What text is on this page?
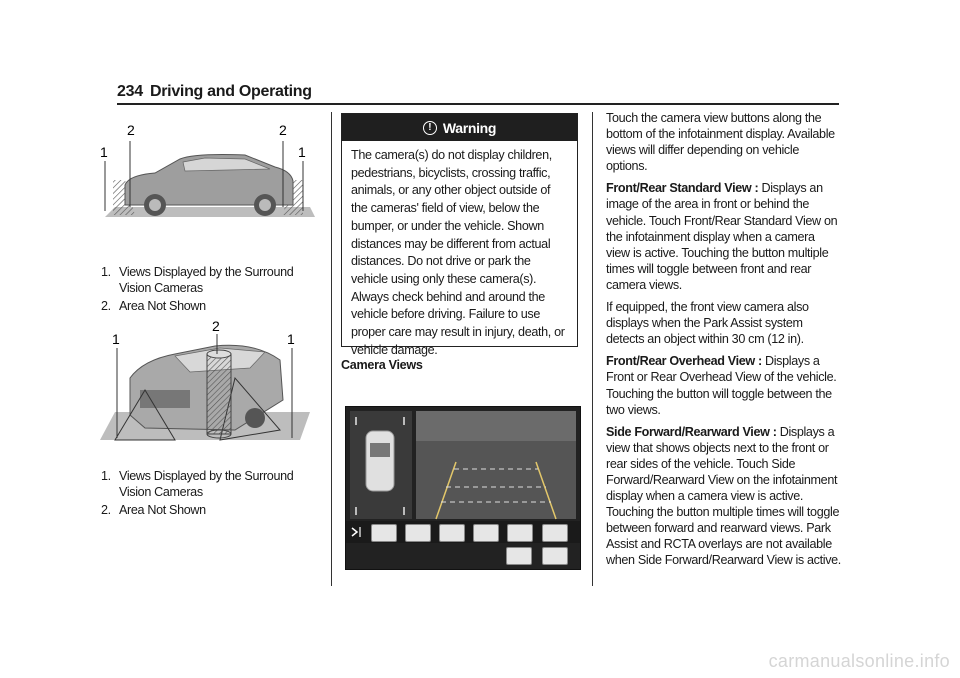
234 Driving and Operating
2	2
1	1
1. Views Displayed by the Surround Vision Cameras
2. Area Not Shown
1
2
1
1. Views Displayed by the Surround Vision Cameras
2. Area Not Shown
! Warning
The camera(s) do not display children, pedestrians, bicyclists, crossing traffic, animals, or any other object outside of the cameras' field of view, below the bumper, or under the vehicle. Shown distances may be different from actual distances. Do not drive or park the vehicle using only these camera(s). Always check behind and around the vehicle before driving. Failure to use proper care may result in injury, death, or vehicle damage.
Camera Views

Touch the camera view buttons along the bottom of the infotainment display. Available views will differ depending on vehicle options.

Front/Rear Standard View : Displays an image of the area in front or behind the vehicle. Touch Front/Rear Standard View on the infotainment display when a camera view is active. Touching the button multiple times will toggle between front and rear camera views.

If equipped, the front view camera also displays when the Park Assist system detects an object within 30 cm (12 in).

Front/Rear Overhead View : Displays a Front or Rear Overhead View of the vehicle. Touching the button will toggle between the two views.

Side Forward/Rearward View : Displays a view that shows objects next to the front or rear sides of the vehicle. Touch Side Forward/Rearward View on the infotainment display when a camera view is active. Touching the button multiple times will toggle between forward and rearward views. Park Assist and RCTA overlays are not available when Side Forward/Rearward View is active.

carmanualsonline.info
